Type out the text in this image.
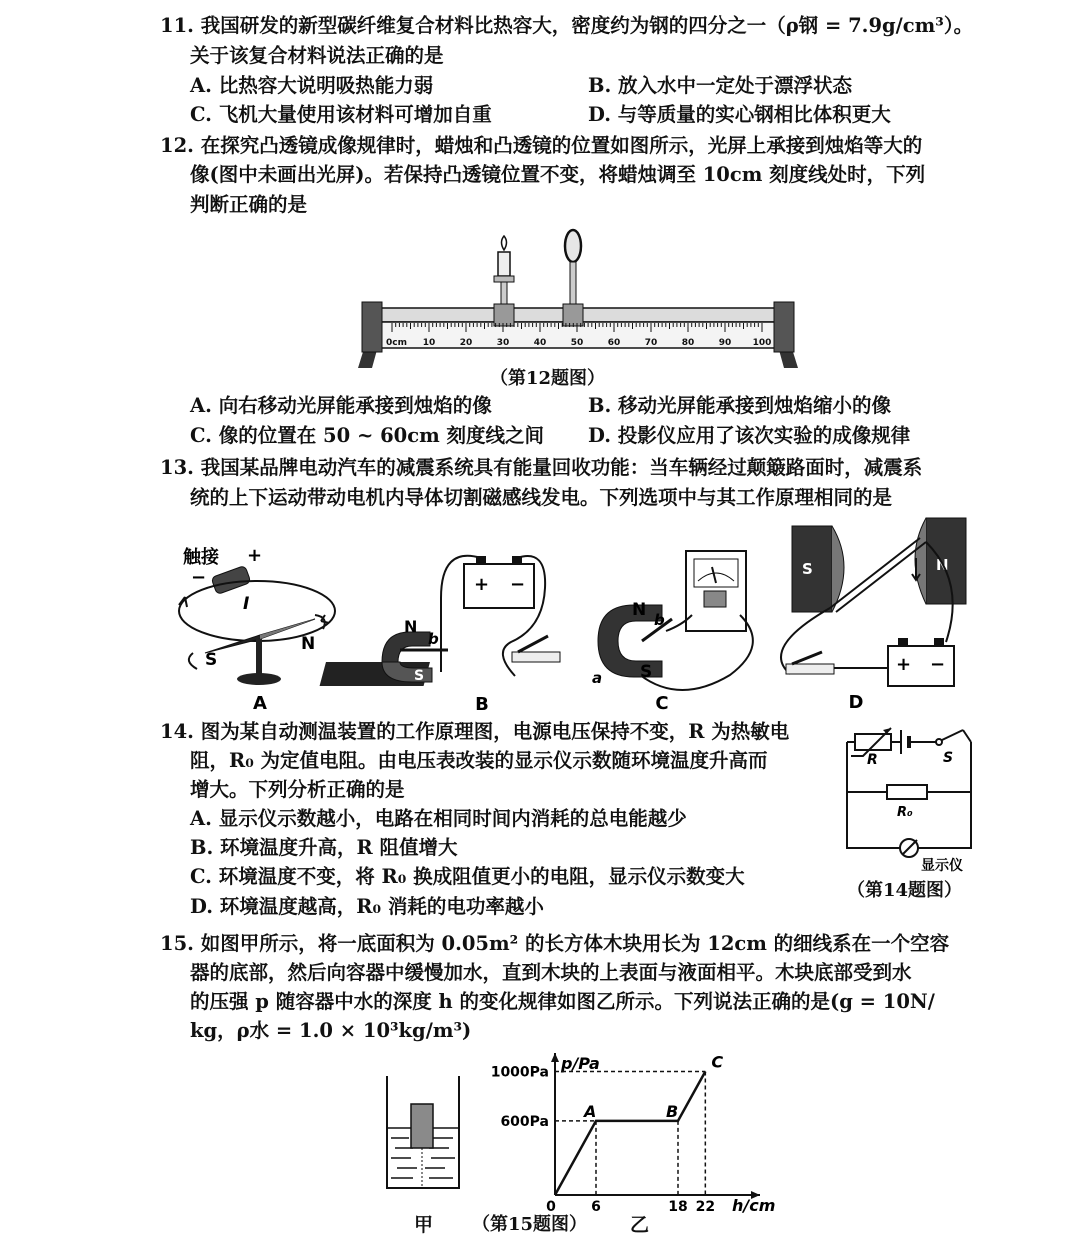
11. 我国研发的新型碳纤维复合材料比热容大，密度约为钢的四分之一（ρ钢 = 7.9g/cm³）。
关于该复合材料说法正确的是
A. 比热容大说明吸热能力弱	B. 放入水中一定处于漂浮状态
C. 飞机大量使用该材料可增加自重	D. 与等质量的实心钢相比体积更大
12. 在探究凸透镜成像规律时，蜡烛和凸透镜的位置如图所示，光屏上承接到烛焰等大的
像(图中未画出光屏)。若保持凸透镜位置不变，将蜡烛调至 10cm 刻度线处时，下列
判断正确的是
0cm 10	20	30	40	50	60	70	80	90 100
（第12题图）
A. 向右移动光屏能承接到烛焰的像	B. 移动光屏能承接到烛焰缩小的像
C. 像的位置在 50 ~ 60cm 刻度线之间 D. 投影仪应用了该次实验的成像规律
13. 我国某品牌电动汽车的减震系统具有能量回收功能：当车辆经过颠簸路面时，减震系
统的上下运动带动电机内导体切割磁感线发电。下列选项中与其工作原理相同的是
触接 +
−
I
S
N
A
+ −
N
S
b
B
N
S
b
a
C
S	N
+ −
D
14. 图为某自动测温装置的工作原理图，电源电压保持不变，R 为热敏电
阻，R₀ 为定值电阻。由电压表改装的显示仪示数随环境温度升高而
增大。下列分析正确的是
A. 显示仪示数越小，电路在相同时间内消耗的总电能越少
B. 环境温度升高，R 阻值增大
C. 环境温度不变，将 R₀ 换成阻值更小的电阻，显示仪示数变大
D. 环境温度越高，R₀ 消耗的电功率越小
R	S
R₀
显示仪
（第14题图）
15. 如图甲所示，将一底面积为 0.05m² 的长方体木块用长为 12cm 的细线系在一个空容
器的底部，然后向容器中缓慢加水，直到木块的上表面与液面相平。木块底部受到水
的压强 p 随容器中水的深度 h 的变化规律如图乙所示。下列说法正确的是(g = 10N/
kg，ρ水 = 1.0 × 10³kg/m³)
甲 （第15题图） 乙
p/Pa
h/cm
600Pa
1000Pa
0	6	18 22
A	B
C
